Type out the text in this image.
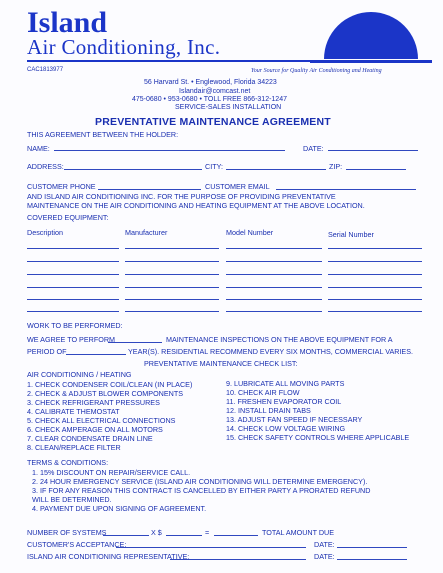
Island
Air Conditioning, Inc.
CAC1813977	Your Source for Quality Air Conditioning and Heating
56 Harvard St. • Englewood, Florida 34223
Islandair@comcast.net
475-0680 • 953-0680 • TOLL FREE 866-312-1247
SERVICE-SALES INSTALLATION
PREVENTATIVE MAINTENANCE AGREEMENT
THIS AGREEMENT BETWEEN THE HOLDER:
NAME:	DATE:
ADDRESS:	CITY:	ZIP:
CUSTOMER PHONE	CUSTOMER EMAIL
AND ISLAND AIR CONDITIONING INC. FOR THE PURPOSE OF PROVIDING PREVENTATIVE
MAINTENANCE ON THE AIR CONDITIONING AND HEATING EQUIPMENT AT THE ABOVE LOCATION.
COVERED EQUIPMENT:
Description	Manufacturer	Model Number	Serial Number
WORK TO BE PERFORMED:
WE AGREE TO PERFORM	MAINTENANCE INSPECTIONS ON THE ABOVE EQUIPMENT FOR A
PERIOD OF	YEAR(S). RESIDENTIAL RECOMMEND EVERY SIX MONTHS, COMMERCIAL VARIES.
PREVENTATIVE MAINTENANCE CHECK LIST:
AIR CONDITIONING / HEATING
1. CHECK CONDENSER COIL/CLEAN (IN PLACE)
2. CHECK & ADJUST BLOWER COMPONENTS
3. CHECK REFRIGERANT PRESSURES
4. CALIBRATE THEMOSTAT
5. CHECK ALL ELECTRICAL CONNECTIONS
6. CHECK AMPERAGE ON ALL MOTORS
7. CLEAR CONDENSATE DRAIN LINE
8. CLEAN/REPLACE FILTER
9. LUBRICATE ALL MOVING PARTS
10. CHECK AIR FLOW
11. FRESHEN EVAPORATOR COIL
12. INSTALL DRAIN TABS
13. ADJUST FAN SPEED IF NECESSARY
14. CHECK LOW VOLTAGE WIRING
15. CHECK SAFETY CONTROLS WHERE APPLICABLE
TERMS & CONDITIONS:
1. 15% DISCOUNT ON REPAIR/SERVICE CALL.
2. 24 HOUR EMERGENCY SERVICE (ISLAND AIR CONDITIONING WILL DETERMINE EMERGENCY).
3. IF FOR ANY REASON THIS CONTRACT IS CANCELLED BY EITHER PARTY A PRORATED REFUND
WILL BE DETERMINED.
4. PAYMENT DUE UPON SIGNING OF AGREEMENT.
NUMBER OF SYSTEMS	X $	=	TOTAL AMOUNT DUE
CUSTOMER'S ACCEPTANCE:	DATE:
ISLAND AIR CONDITIONING REPRESENTATIVE:	DATE:
